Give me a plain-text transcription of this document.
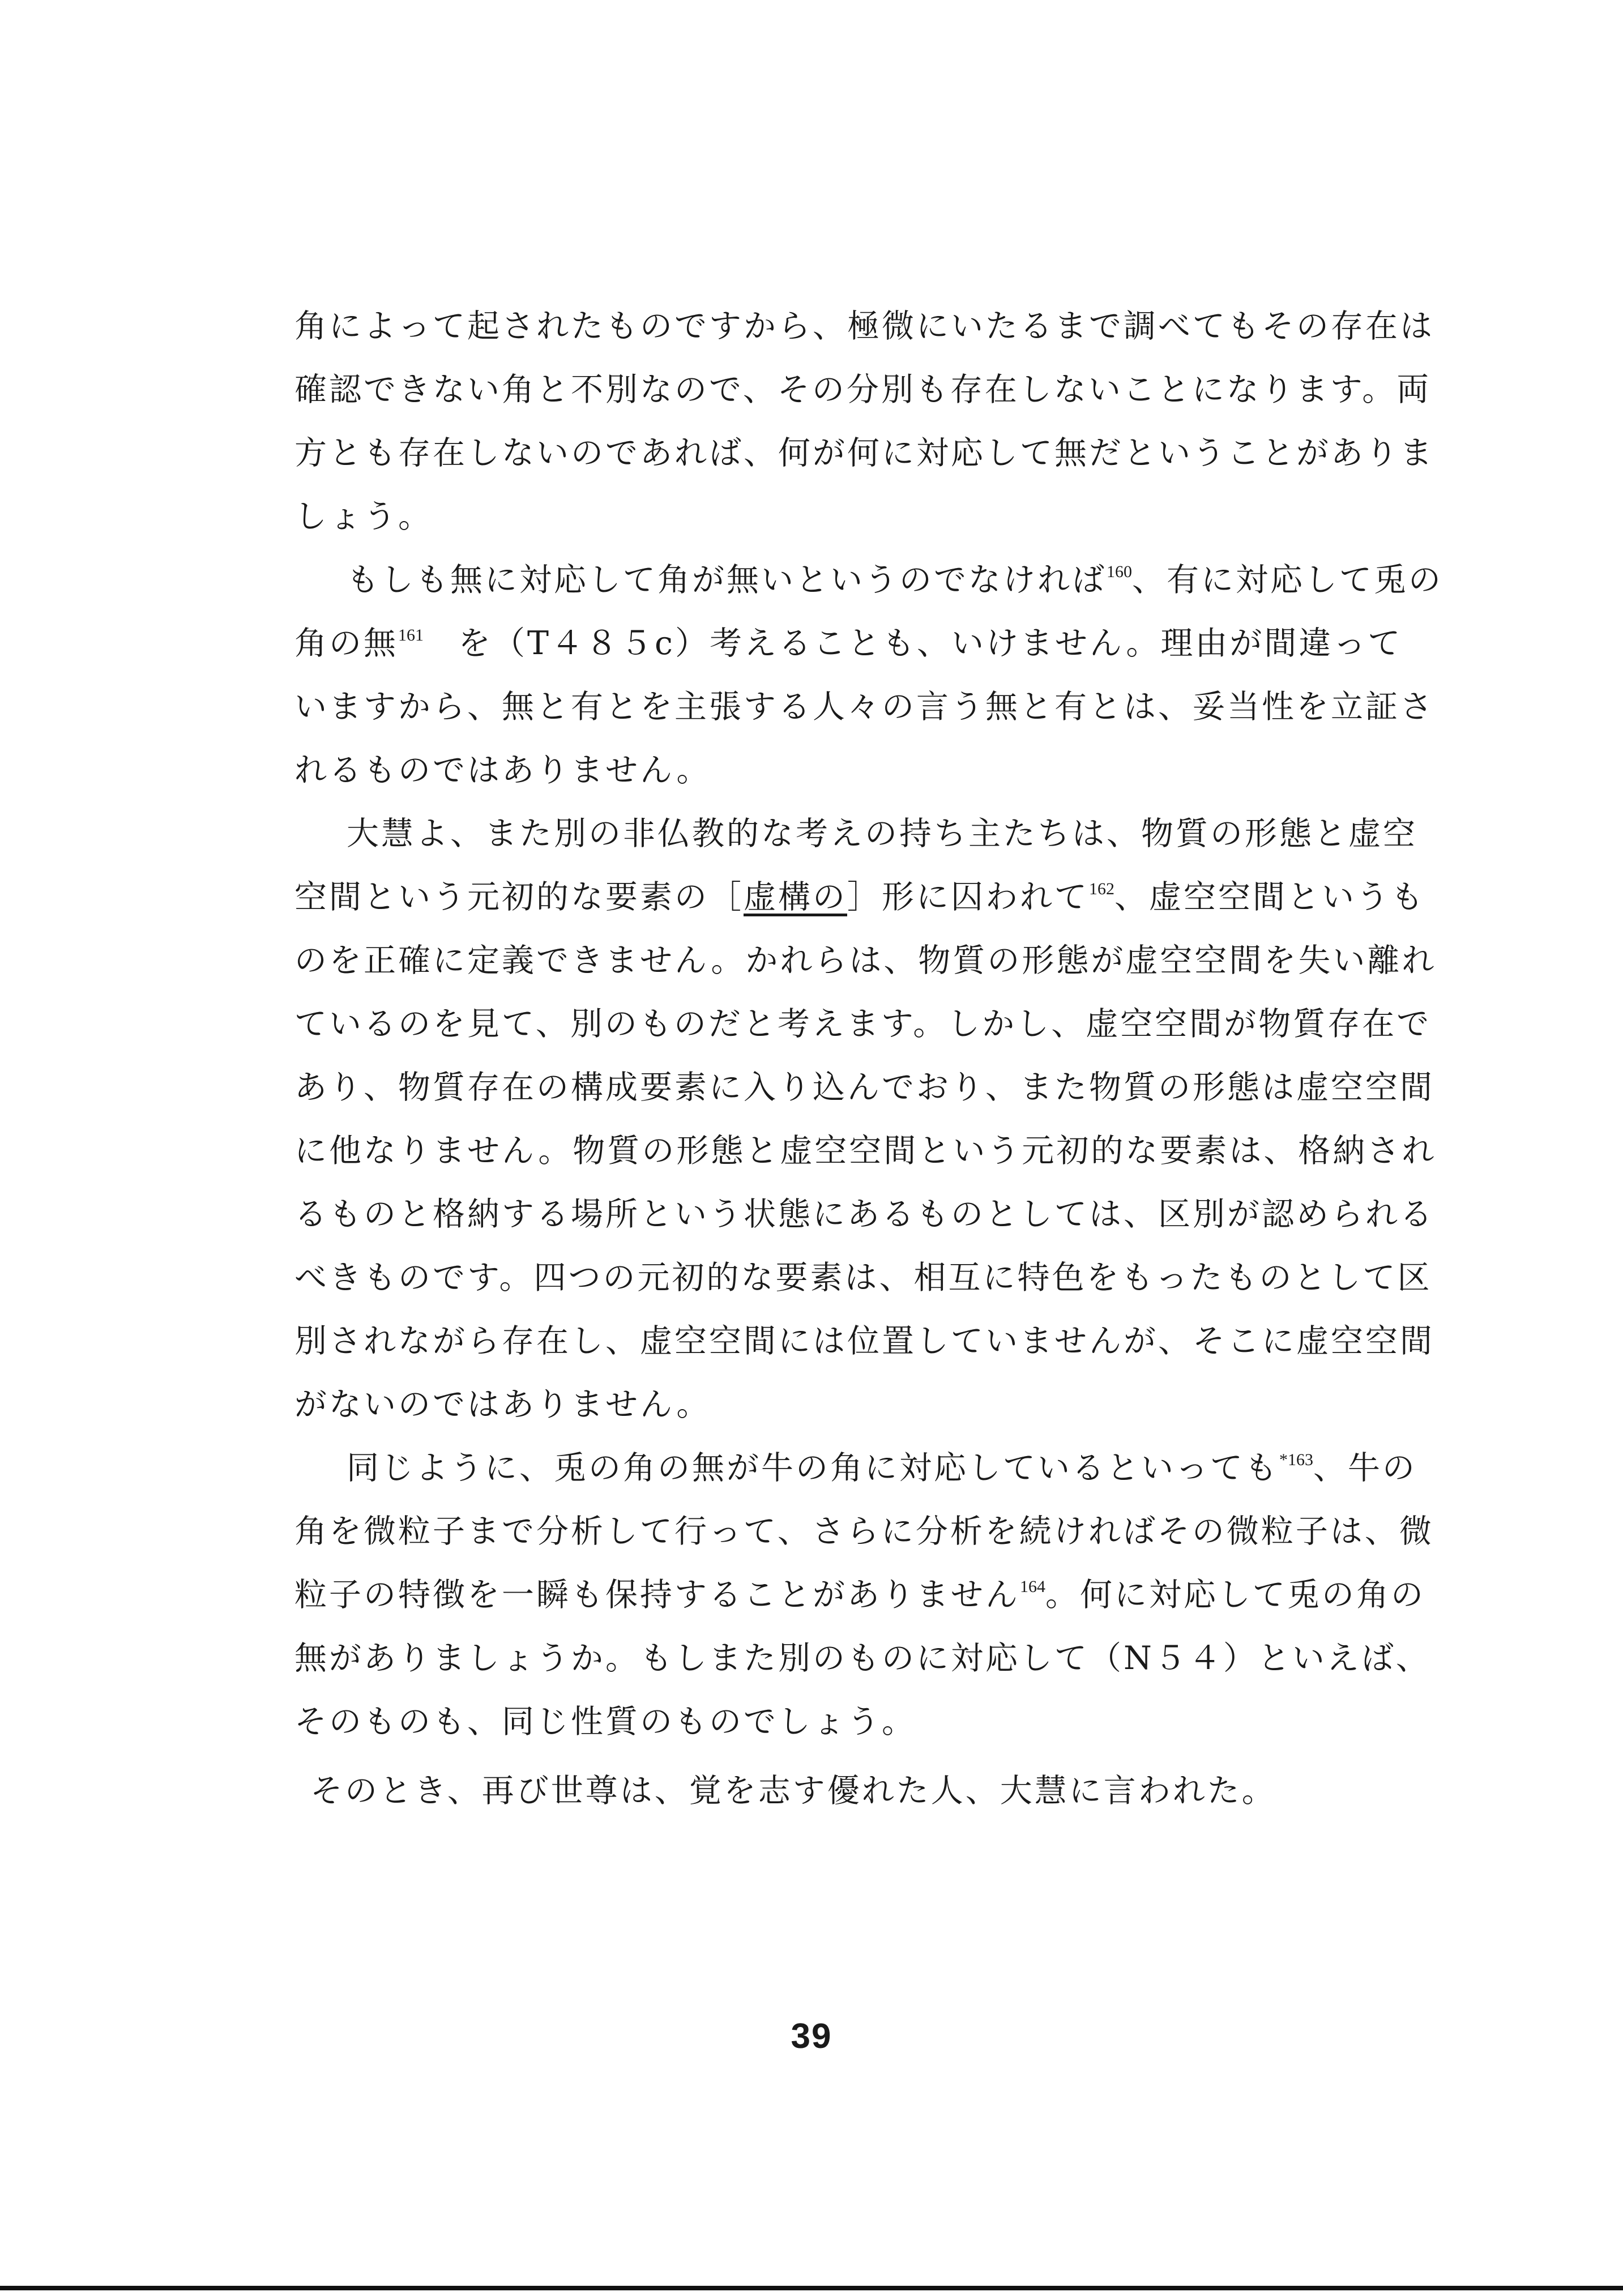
角によって起されたものですから、極微にいたるまで調べてもその存在は
確認できない角と不別なので、その分別も存在しないことになります。両
方とも存在しないのであれば、何が何に対応して無だということがありま
しょう。
もしも無に対応して角が無いというのでなければ$^{160}$、有に対応して兎の
角の無$^{161}$　を（T４８５c）考えることも、いけません。理由が間違って
いますから、無と有とを主張する人々の言う無と有とは、妥当性を立証さ
れるものではありません。
大慧よ、また別の非仏教的な考えの持ち主たちは、物質の形態と虚空
空間という元初的な要素の［虚構の］形に囚われて$^{162}$、虚空空間というも
のを正確に定義できません。かれらは、物質の形態が虚空空間を失い離れ
ているのを見て、別のものだと考えます。しかし、虚空空間が物質存在で
あり、物質存在の構成要素に入り込んでおり、また物質の形態は虚空空間
に他なりません。物質の形態と虚空空間という元初的な要素は、格納され
るものと格納する場所という状態にあるものとしては、区別が認められる
べきものです。四つの元初的な要素は、相互に特色をもったものとして区
別されながら存在し、虚空空間には位置していませんが、そこに虚空空間
がないのではありません。
同じように、兎の角の無が牛の角に対応しているといっても$^{*163}$、牛の
角を微粒子まで分析して行って、さらに分析を続ければその微粒子は、微
粒子の特徴を一瞬も保持することがありません$^{164}$。何に対応して兎の角の
無がありましょうか。もしまた別のものに対応して（N５４）といえば、
そのものも、同じ性質のものでしょう。
そのとき、再び世尊は、覚を志す優れた人、大慧に言われた。
39
